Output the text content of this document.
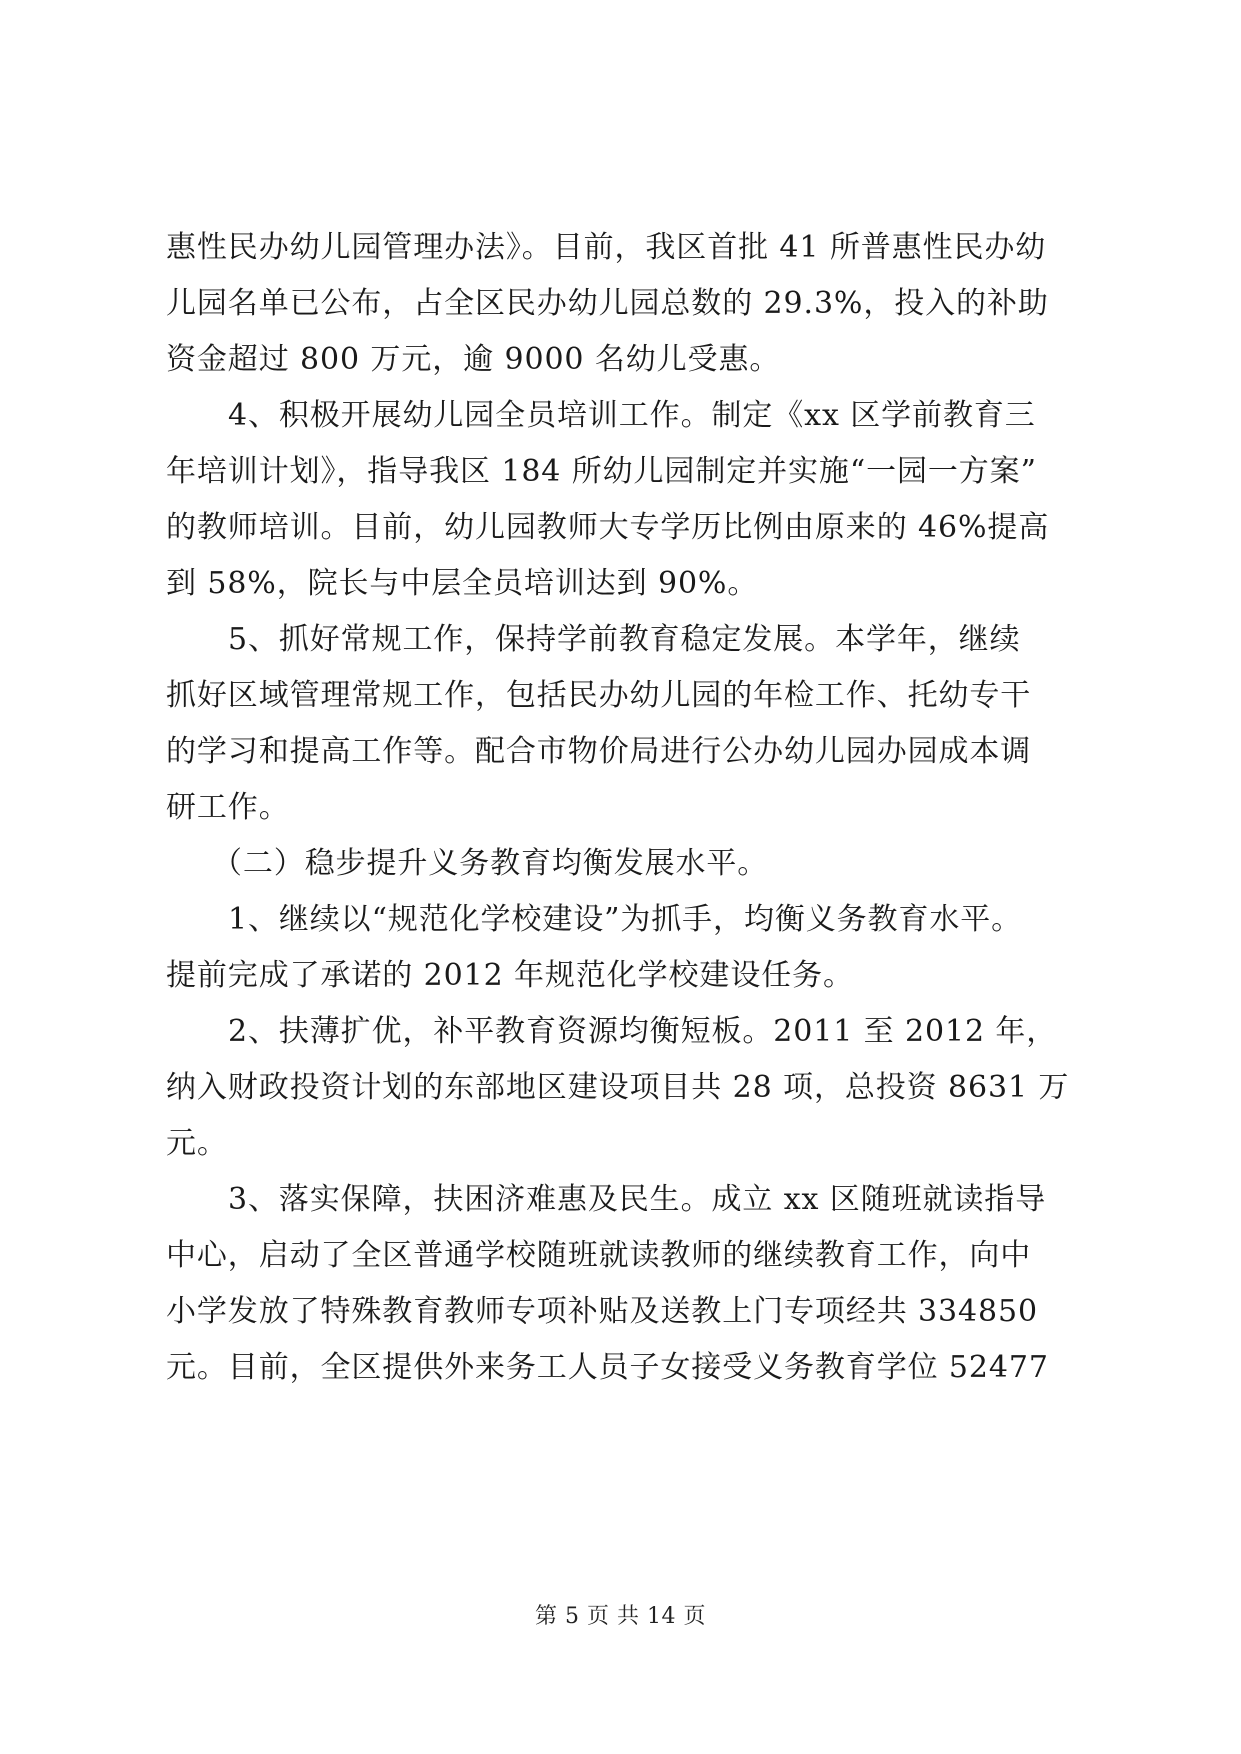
惠性民办幼儿园管理办法》。目前，我区首批 41 所普惠性民办幼
儿园名单已公布，占全区民办幼儿园总数的 29.3%，投入的补助
资金超过 800 万元，逾 9000 名幼儿受惠。
4、积极开展幼儿园全员培训工作。制定《xx 区学前教育三
年培训计划》，指导我区 184 所幼儿园制定并实施“一园一方案”
的教师培训。目前，幼儿园教师大专学历比例由原来的 46%提高
到 58%，院长与中层全员培训达到 90%。
5、抓好常规工作，保持学前教育稳定发展。本学年，继续
抓好区域管理常规工作，包括民办幼儿园的年检工作、托幼专干
的学习和提高工作等。配合市物价局进行公办幼儿园办园成本调
研工作。
（二）稳步提升义务教育均衡发展水平。
1、继续以“规范化学校建设”为抓手，均衡义务教育水平。
提前完成了承诺的 2012 年规范化学校建设任务。
2、扶薄扩优，补平教育资源均衡短板。2011 至 2012 年，
纳入财政投资计划的东部地区建设项目共 28 项，总投资 8631 万
元。
3、落实保障，扶困济难惠及民生。成立 xx 区随班就读指导
中心，启动了全区普通学校随班就读教师的继续教育工作，向中
小学发放了特殊教育教师专项补贴及送教上门专项经共 334850
元。目前，全区提供外来务工人员子女接受义务教育学位 52477
第 5 页 共 14 页
